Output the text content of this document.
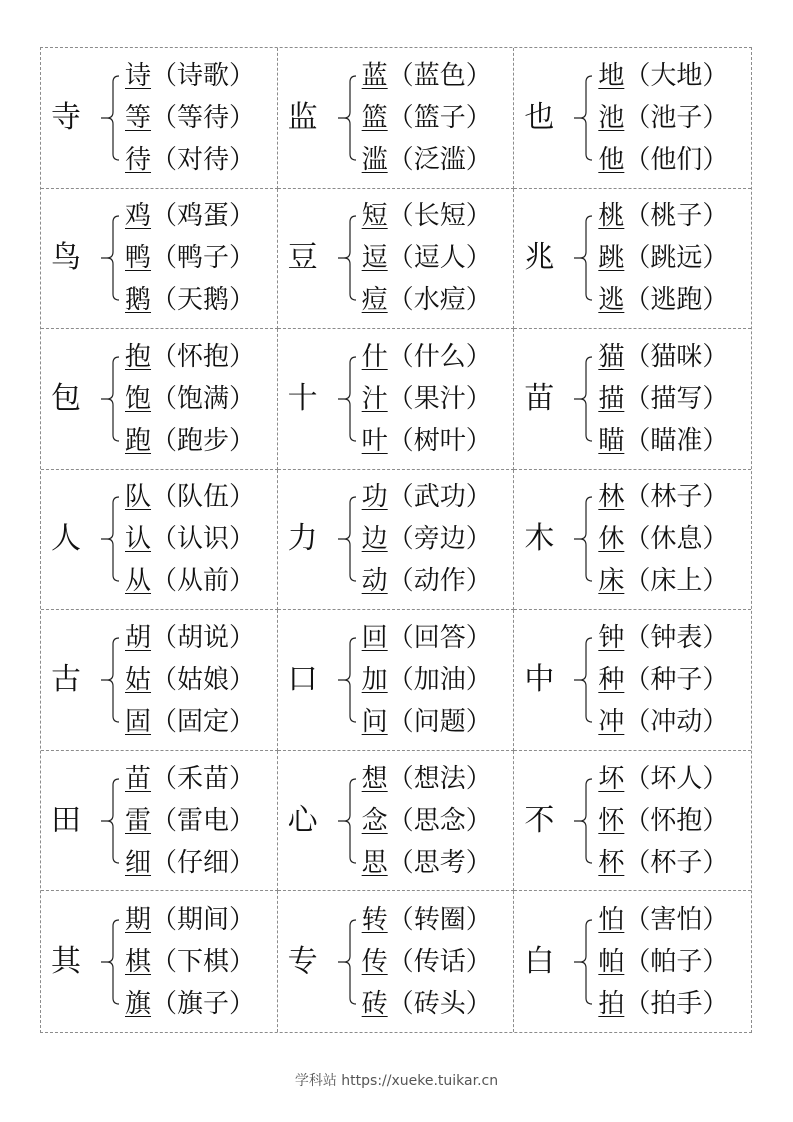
寺
诗 （ 诗歌 ）
等 （ 等待 ）
待 （ 对待 ）
监
蓝 （ 蓝色 ）
篮 （ 篮子 ）
滥 （ 泛滥 ）
也
地 （ 大地 ）
池 （ 池子 ）
他 （ 他们 ）
鸟
鸡 （ 鸡蛋 ）
鸭 （ 鸭子 ）
鹅 （ 天鹅 ）
豆
短 （ 长短 ）
逗 （ 逗人 ）
痘 （ 水痘 ）
兆
桃 （ 桃子 ）
跳 （ 跳远 ）
逃 （ 逃跑 ）
包
抱 （ 怀抱 ）
饱 （ 饱满 ）
跑 （ 跑步 ）
十
什 （ 什么 ）
汁 （ 果汁 ）
叶 （ 树叶 ）
苗
猫 （ 猫咪 ）
描 （ 描写 ）
瞄 （ 瞄准 ）
人
队 （ 队伍 ）
认 （ 认识 ）
从 （ 从前 ）
力
功 （ 武功 ）
边 （ 旁边 ）
动 （ 动作 ）
木
林 （ 林子 ）
休 （ 休息 ）
床 （ 床上 ）
古
胡 （ 胡说 ）
姑 （ 姑娘 ）
固 （ 固定 ）
口
回 （ 回答 ）
加 （ 加油 ）
问 （ 问题 ）
中
钟 （ 钟表 ）
种 （ 种子 ）
冲 （ 冲动 ）
田
苗 （ 禾苗 ）
雷 （ 雷电 ）
细 （ 仔细 ）
心
想 （ 想法 ）
念 （ 思念 ）
思 （ 思考 ）
不
坏 （ 坏人 ）
怀 （ 怀抱 ）
杯 （ 杯子 ）
其
期 （ 期间 ）
棋 （ 下棋 ）
旗 （ 旗子 ）
专
转 （ 转圈 ）
传 （ 传话 ）
砖 （ 砖头 ）
白
怕 （ 害怕 ）
帕 （ 帕子 ）
拍 （ 拍手 ）
学科站 https://xueke.tuikar.cn
